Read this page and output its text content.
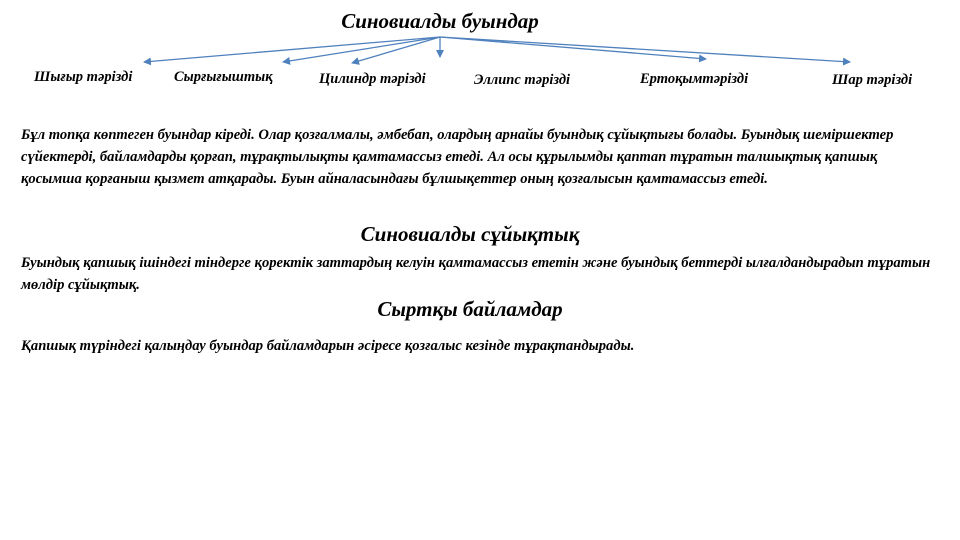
Синовиалды буындар
Шығыр тәрізді	Сырғығыштық	Цилиндр тәрізді	Эллипс тәрізді	Ертоқымтәрізді	Шар тәрізді

Бұл топқа көптеген буындар кіреді. Олар қозғалмалы, әмбебап, олардың арнайы буындық сұйықтығы болады. Буындық шеміршектер сүйектерді, байламдарды қорғап, тұрақтылықты қамтамассыз етеді. Ал осы құрылымды қаптап тұратын талшықтық қапшық қосымша қорғаныш қызмет атқарады. Буын айналасындағы бұлшықеттер оның қозғалысын қамтамассыз етеді.

Синовиалды сұйықтық

Буындық қапшық ішіндегі тіндерге қоректік заттардың келуін қамтамассыз ететін және буындық беттерді ылғалдандырадып тұратын мөлдір сұйықтық.

Сыртқы байламдар

Қапшық түріндегі қалыңдау буындар байламдарын әсіресе қозғалыс кезінде тұрақтандырады.
